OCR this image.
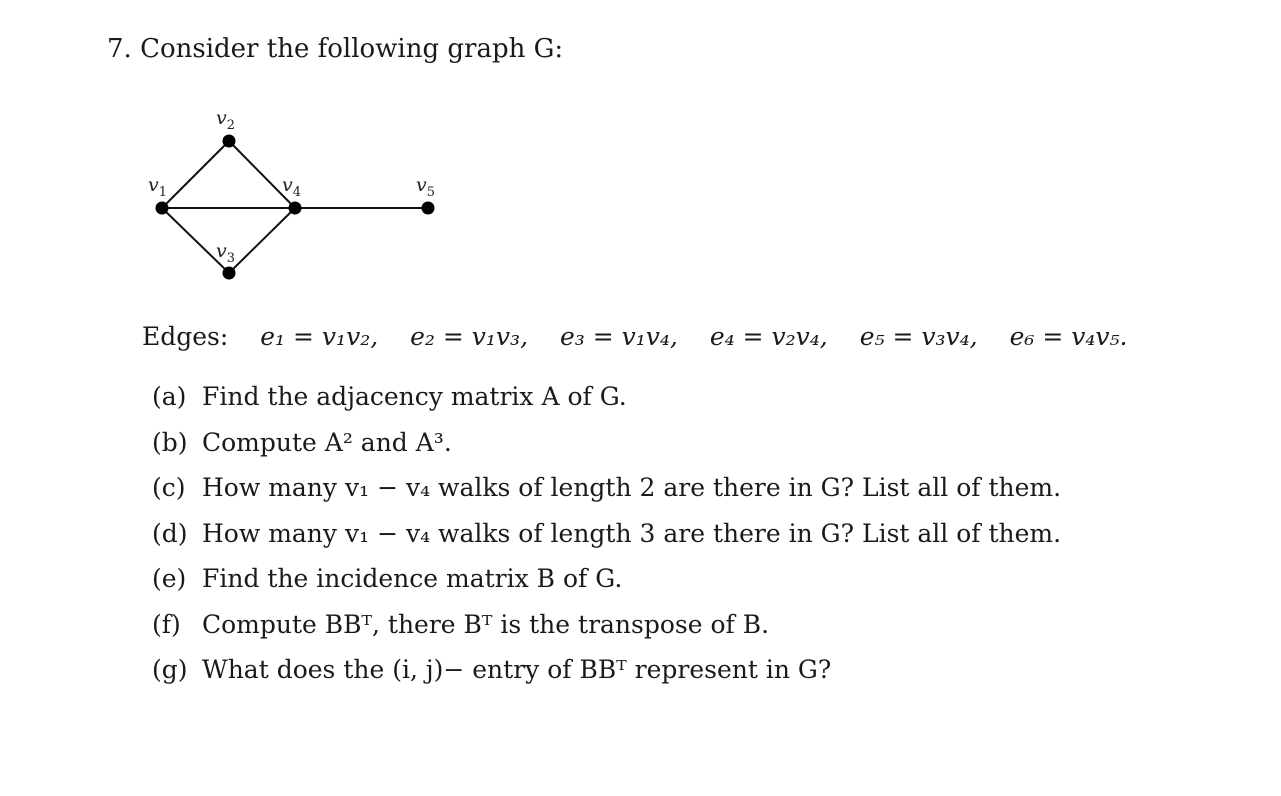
7. Consider the following graph G:
$v_1$
$v_2$
$v_3$
$v_4$	$v_5$
Edges: e₁ = v₁v₂, e₂ = v₁v₃, e₃ = v₁v₄, e₄ = v₂v₄, e₅ = v₃v₄, e₆ = v₄v₅.
(a) Find the adjacency matrix A of G.
(b) Compute A² and A³.
(c) How many v₁ − v₄ walks of length 2 are there in G? List all of them.
(d) How many v₁ − v₄ walks of length 3 are there in G? List all of them.
(e) Find the incidence matrix B of G.
(f) Compute BBᵀ, there Bᵀ is the transpose of B.
(g) What does the (i, j)− entry of BBᵀ represent in G?
